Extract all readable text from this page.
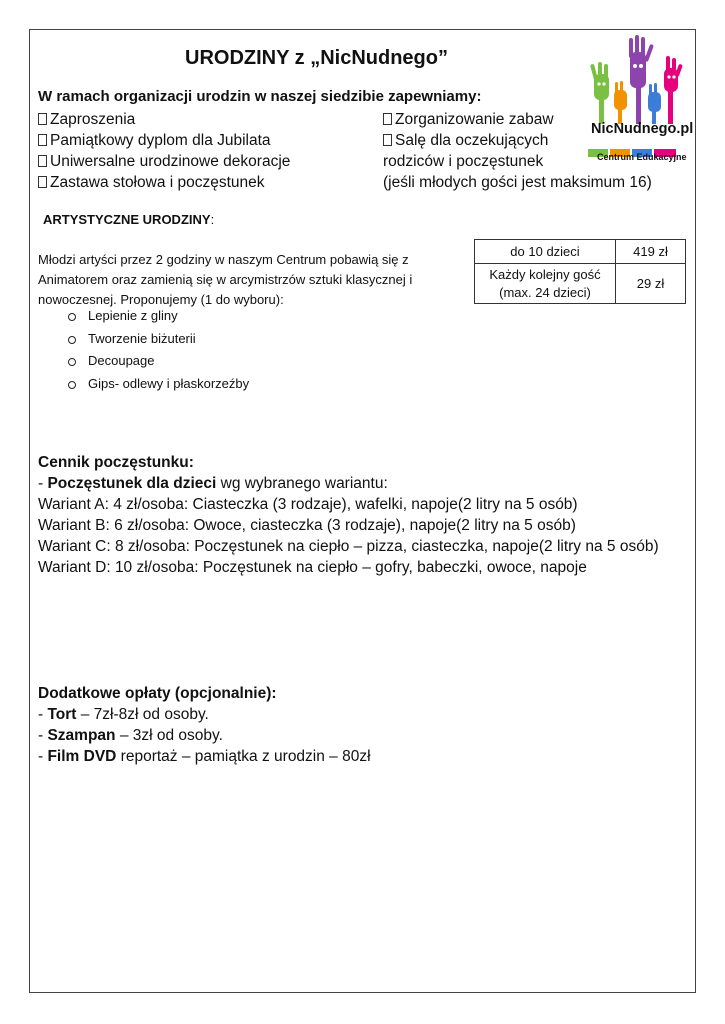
URODZINY z „NicNudnego”
NicNudnego.pl
Centrum Edukacyjne
W ramach organizacji urodzin w naszej siedzibie zapewniamy:
Zaproszenia
Pamiątkowy dyplom dla Jubilata
Uniwersalne urodzinowe dekoracje
Zastawa stołowa i poczęstunek
Zorganizowanie zabaw
Salę dla oczekujących
rodziców i poczęstunek
(jeśli młodych gości jest maksimum 16)
ARTYSTYCZNE URODZINY:
Młodzi artyści przez 2 godziny w naszym Centrum pobawią się z Animatorem oraz zamienią się w arcymistrzów sztuki klasycznej i nowoczesnej. Proponujemy (1 do wyboru):
Lepienie z gliny
Tworzenie biżuterii
Decoupage
Gips- odlewy i płaskorzeźby
do 10 dzieci	419 zł

Każdy kolejny gość
(max. 24 dzieci)	29 zł
Cennik poczęstunku:
- Poczęstunek dla dzieci wg wybranego wariantu:
Wariant A: 4 zł/osoba: Ciasteczka (3 rodzaje), wafelki, napoje(2 litry na 5 osób)
Wariant B: 6 zł/osoba: Owoce, ciasteczka (3 rodzaje), napoje(2 litry na 5 osób)
Wariant C: 8 zł/osoba: Poczęstunek na ciepło – pizza, ciasteczka, napoje(2 litry na 5 osób)
Wariant D: 10 zł/osoba: Poczęstunek na ciepło – gofry, babeczki, owoce, napoje
Dodatkowe opłaty (opcjonalnie):
- Tort – 7zł-8zł od osoby.
- Szampan – 3zł od osoby.
- Film DVD reportaż – pamiątka z urodzin – 80zł
